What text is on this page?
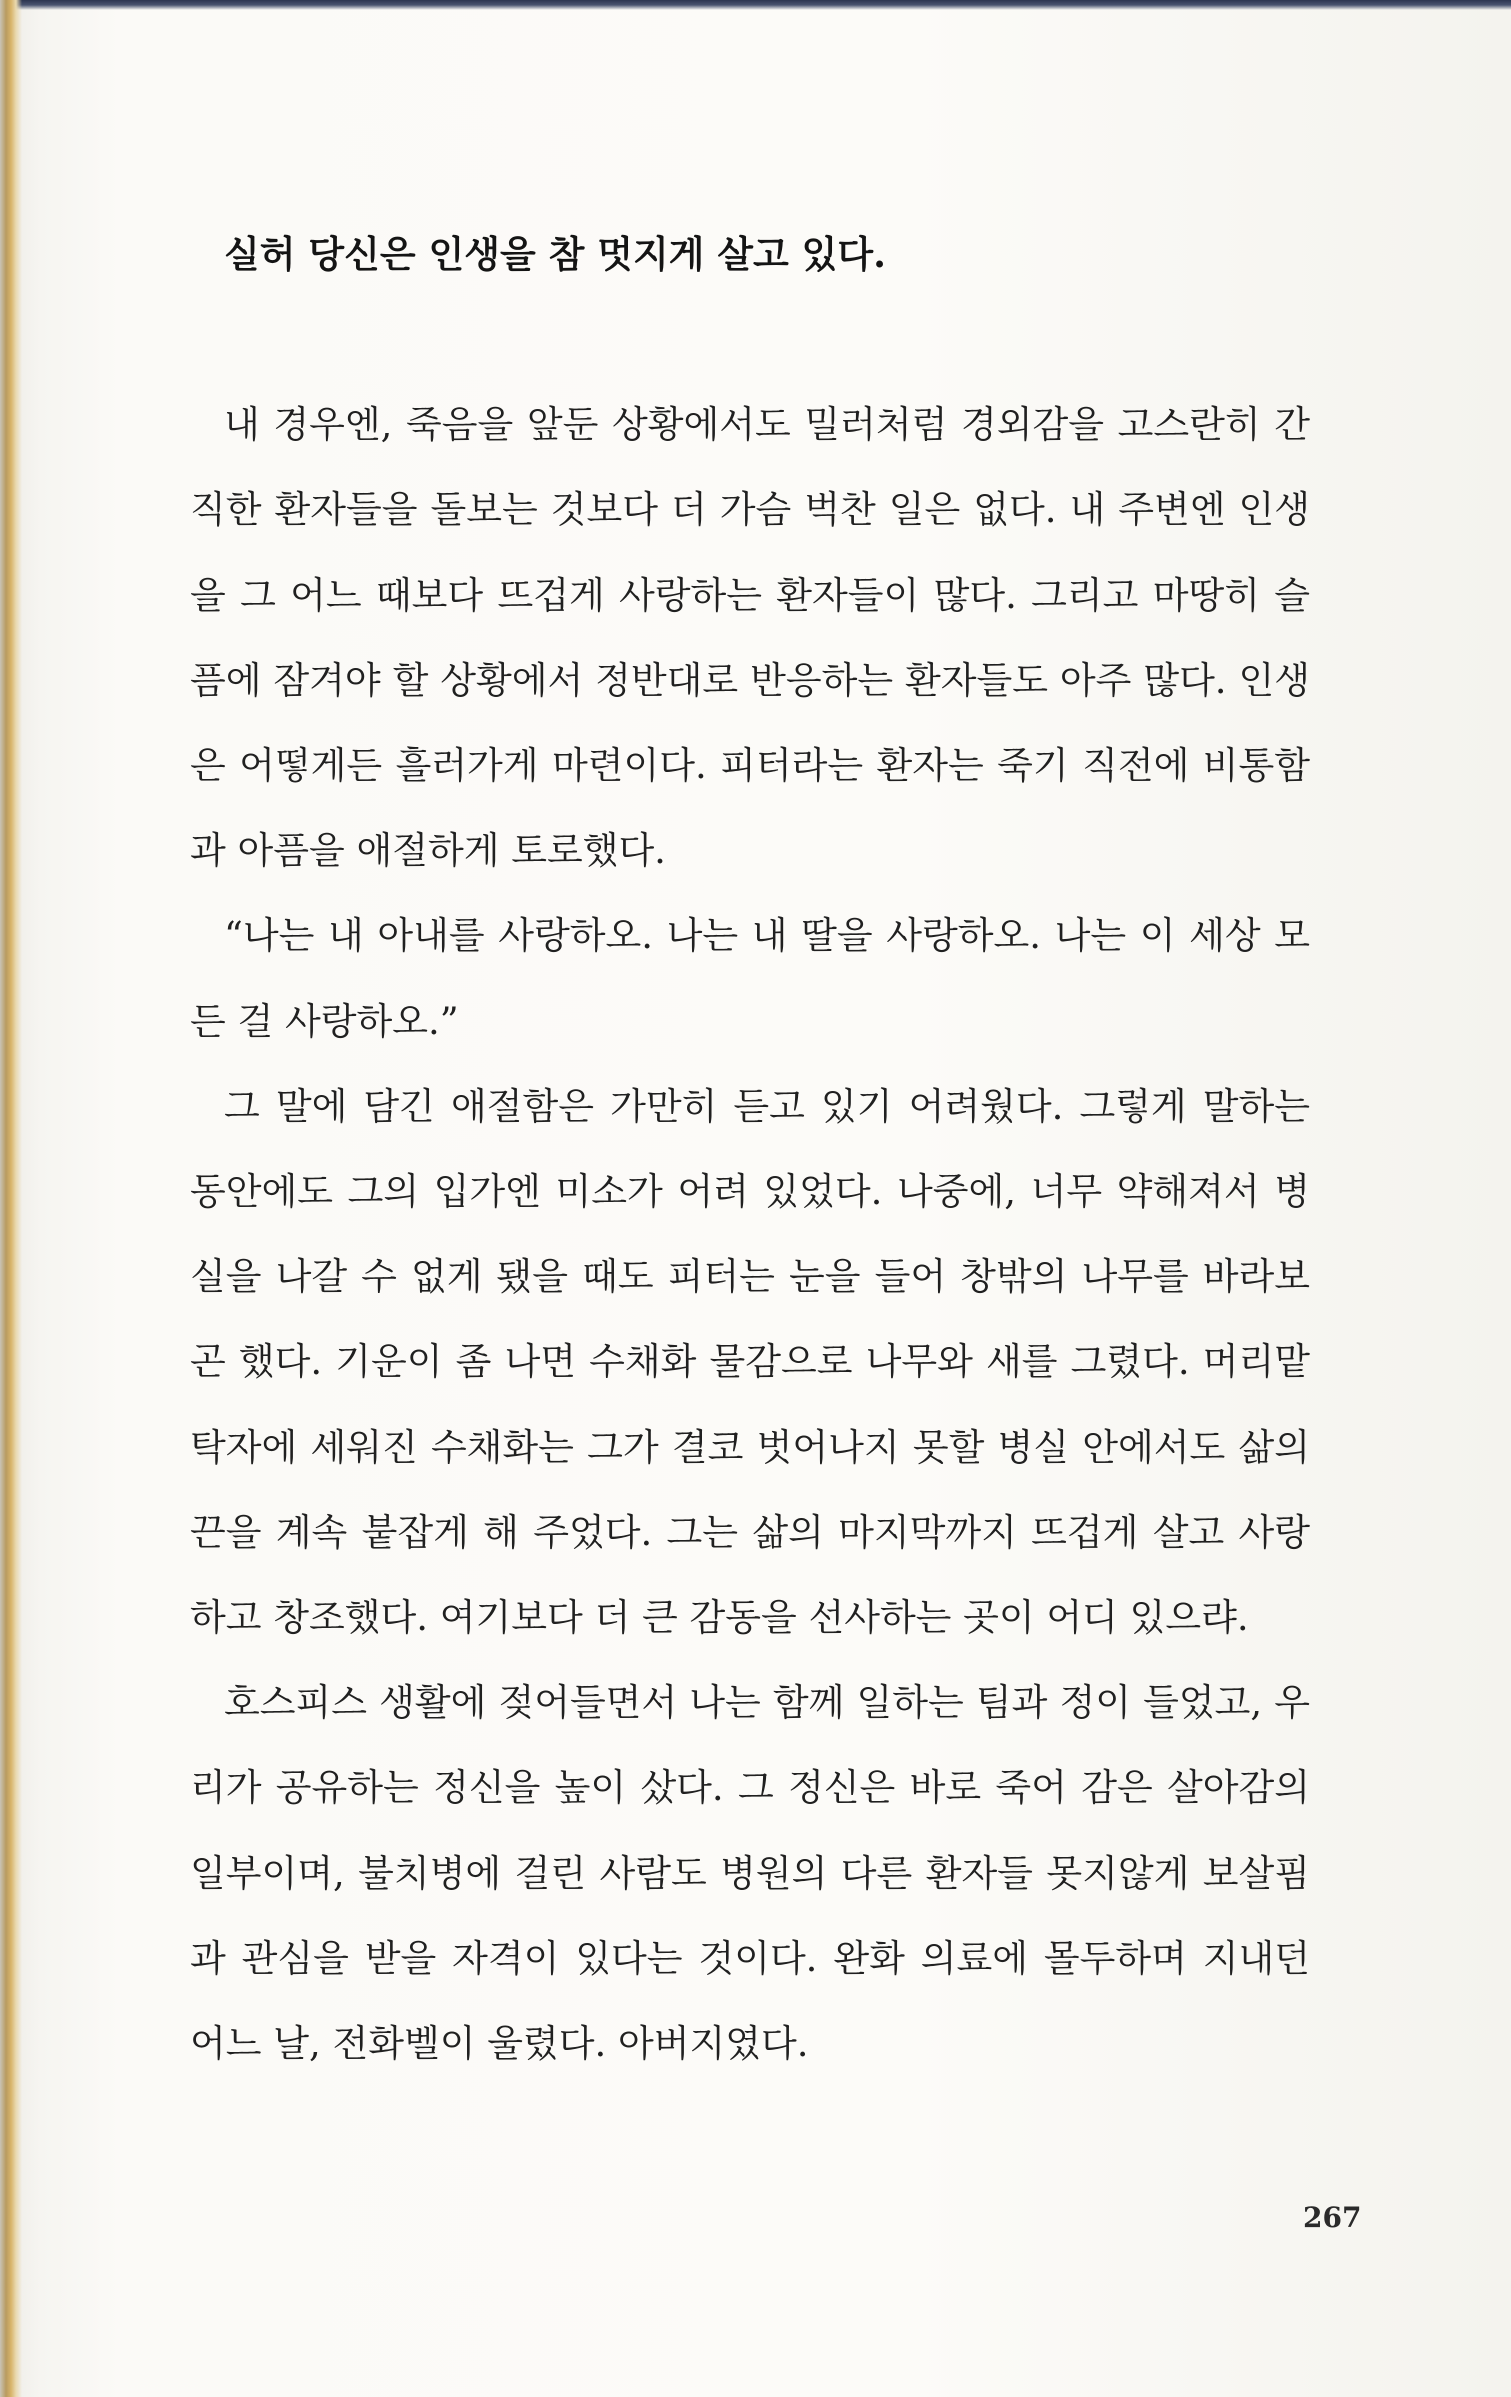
실허 당신은 인생을 참 멋지게 살고 있다.

내 경우엔, 죽음을 앞둔 상황에서도 밀러처럼 경외감을 고스란히 간직한 환자들을 돌보는 것보다 더 가슴 벅찬 일은 없다. 내 주변엔 인생을 그 어느 때보다 뜨겁게 사랑하는 환자들이 많다. 그리고 마땅히 슬픔에 잠겨야 할 상황에서 정반대로 반응하는 환자들도 아주 많다. 인생은 어떻게든 흘러가게 마련이다. 피터라는 환자는 죽기 직전에 비통함과 아픔을 애절하게 토로했다.

“나는 내 아내를 사랑하오. 나는 내 딸을 사랑하오. 나는 이 세상 모든 걸 사랑하오.”

그 말에 담긴 애절함은 가만히 듣고 있기 어려웠다. 그렇게 말하는 동안에도 그의 입가엔 미소가 어려 있었다. 나중에, 너무 약해져서 병실을 나갈 수 없게 됐을 때도 피터는 눈을 들어 창밖의 나무를 바라보곤 했다. 기운이 좀 나면 수채화 물감으로 나무와 새를 그렸다. 머리맡 탁자에 세워진 수채화는 그가 결코 벗어나지 못할 병실 안에서도 삶의 끈을 계속 붙잡게 해 주었다. 그는 삶의 마지막까지 뜨겁게 살고 사랑하고 창조했다. 여기보다 더 큰 감동을 선사하는 곳이 어디 있으랴.

호스피스 생활에 젖어들면서 나는 함께 일하는 팀과 정이 들었고, 우리가 공유하는 정신을 높이 샀다. 그 정신은 바로 죽어 감은 살아감의 일부이며, 불치병에 걸린 사람도 병원의 다른 환자들 못지않게 보살핌과 관심을 받을 자격이 있다는 것이다. 완화 의료에 몰두하며 지내던 어느 날, 전화벨이 울렸다. 아버지였다.

267
